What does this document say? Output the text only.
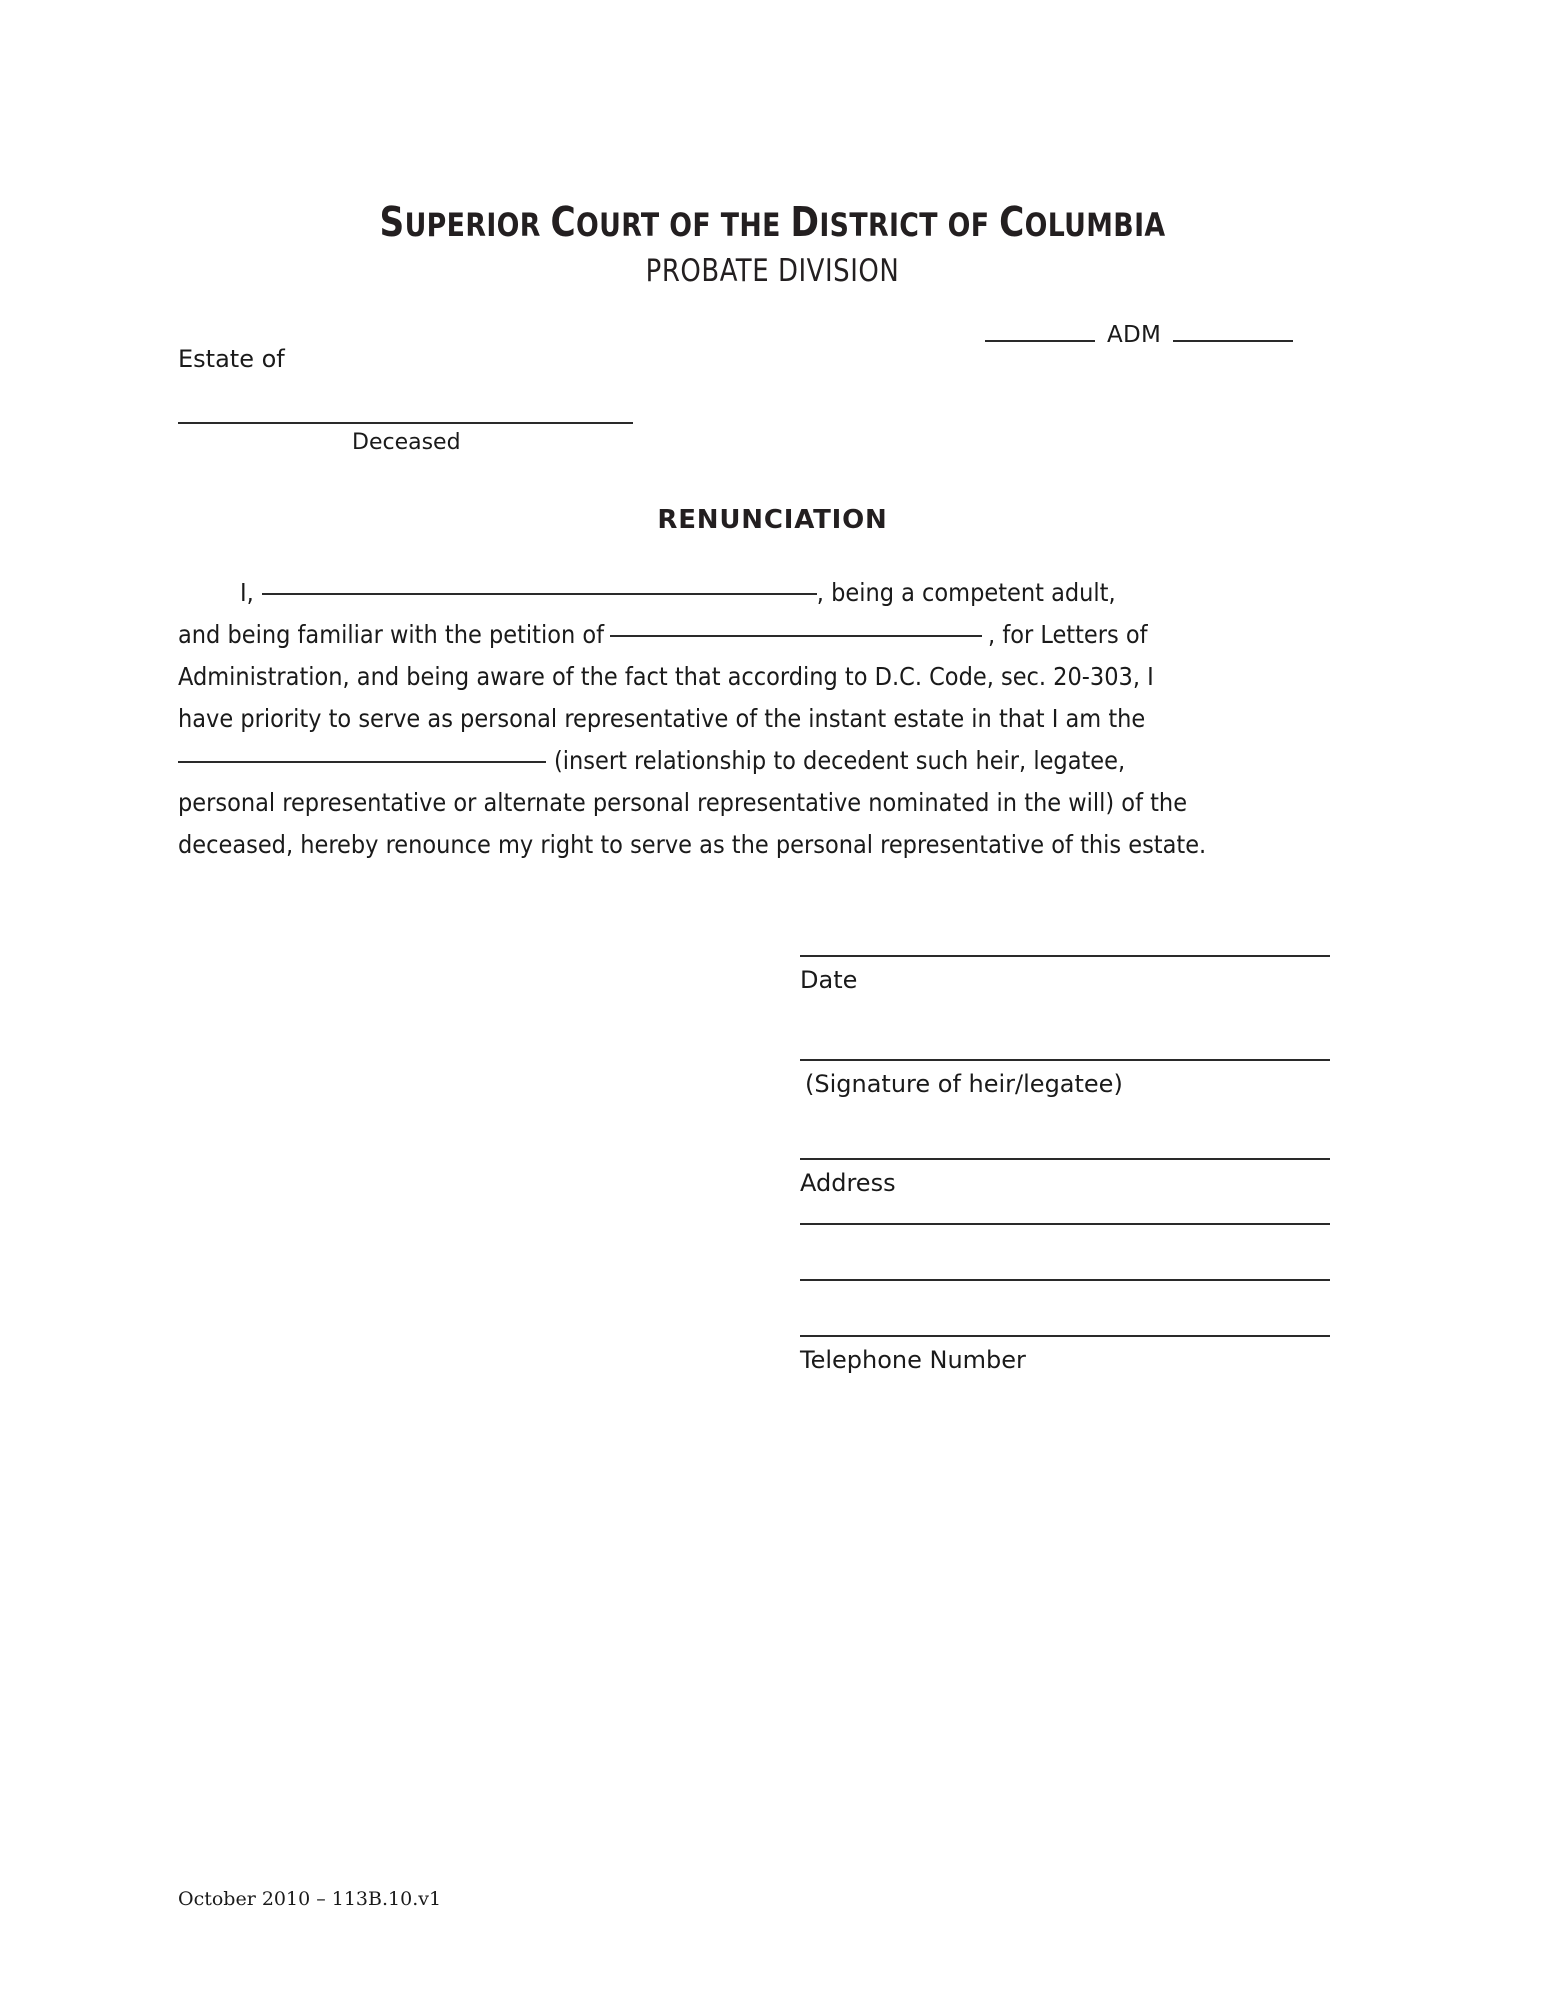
SUPERIOR COURT OF THE DISTRICT OF COLUMBIA
PROBATE DIVISION
ADM
Estate of
Deceased
RENUNCIATION
I,	, being a competent adult,
and being familiar with the petition of	, for Letters of
Administration, and being aware of the fact that according to D.C. Code, sec. 20-303, I
have priority to serve as personal representative of the instant estate in that I am the
(insert relationship to decedent such heir, legatee,
personal representative or alternate personal representative nominated in the will) of the
deceased, hereby renounce my right to serve as the personal representative of this estate.
Date
(Signature of heir/legatee)
Address
Telephone Number
October 2010 – 113B.10.v1
